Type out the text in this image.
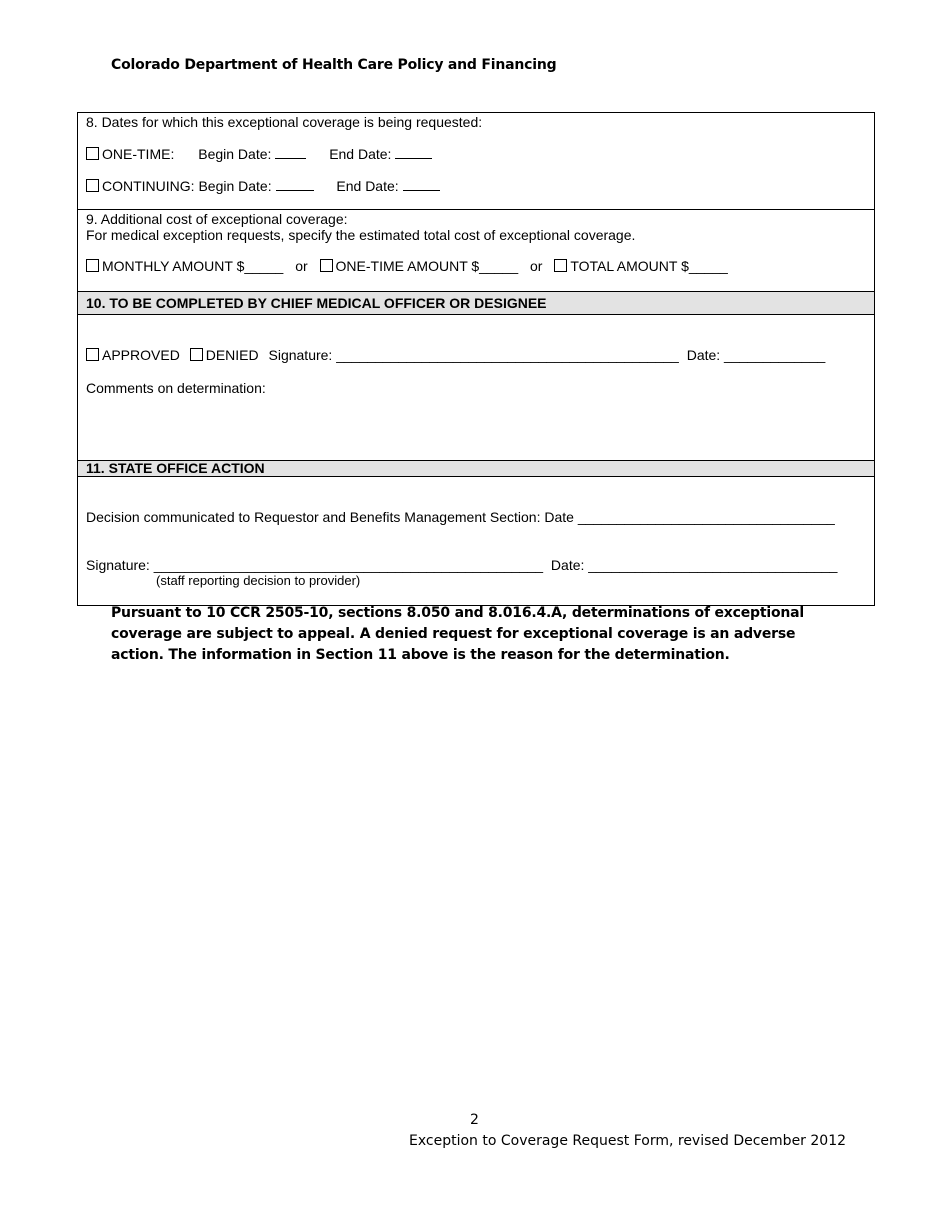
Colorado Department of Health Care Policy and Financing
8. Dates for which this exceptional coverage is being requested:
ONE-TIME: Begin Date:	End Date:
CONTINUING: Begin Date:	End Date:
9. Additional cost of exceptional coverage:
For medical exception requests, specify the estimated total cost of exceptional coverage.
MONTHLY AMOUNT $_____ or ONE-TIME AMOUNT $_____ or TOTAL AMOUNT $_____
10. TO BE COMPLETED BY CHIEF MEDICAL OFFICER OR DESIGNEE
APPROVED DENIED Signature: ____________________________________________ Date: _____________
Comments on determination:
11. STATE OFFICE ACTION
Decision communicated to Requestor and Benefits Management Section: Date _________________________________
Signature: __________________________________________________ Date: ________________________________
(staff reporting decision to provider)
Pursuant to 10 CCR 2505-10, sections 8.050 and 8.016.4.A, determinations of exceptional coverage are subject to appeal. A denied request for exceptional coverage is an adverse action. The information in Section 11 above is the reason for the determination.
2
Exception to Coverage Request Form, revised December 2012
